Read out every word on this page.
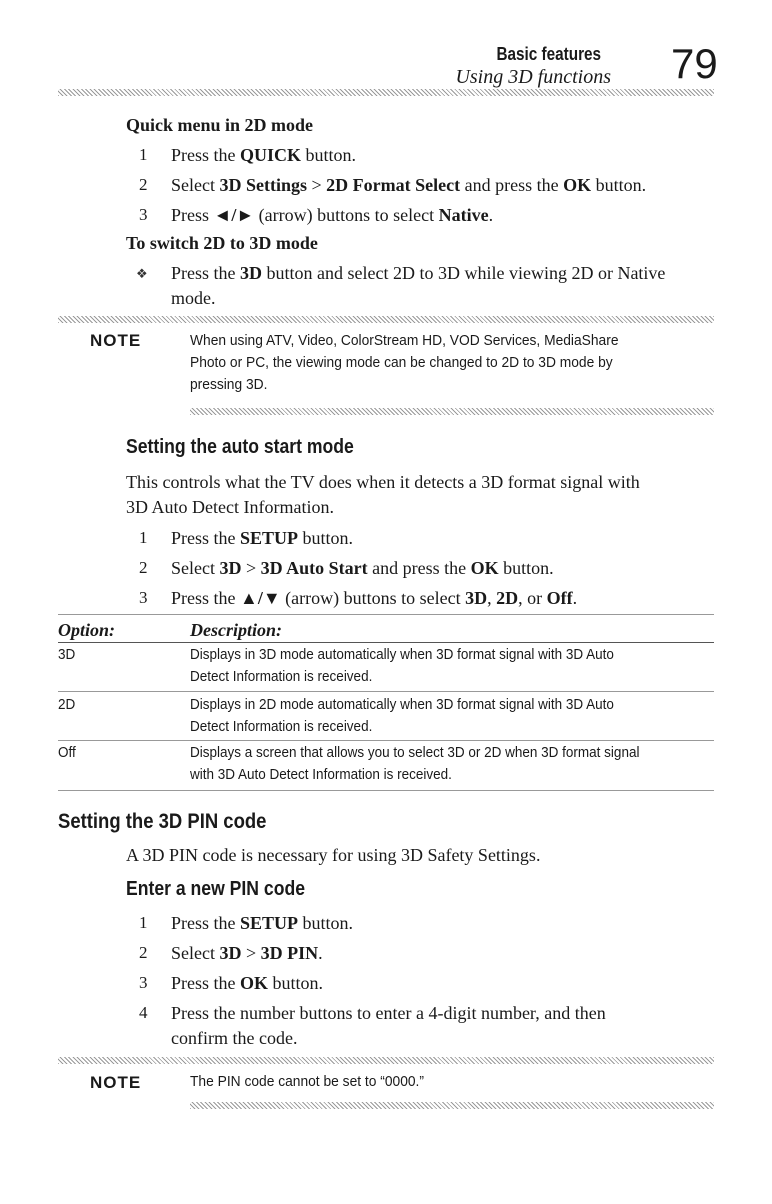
Basic features
Using 3D functions 79
Quick menu in 2D mode
1 Press the QUICK button.
2 Select 3D Settings > 2D Format Select and press the OK button.
3 Press ◄/► (arrow) buttons to select Native.
To switch 2D to 3D mode
❖ Press the 3D button and select 2D to 3D while viewing 2D or Native
mode.
NOTE	When using ATV, Video, ColorStream HD, VOD Services, MediaShare
Photo or PC, the viewing mode can be changed to 2D to 3D mode by
pressing 3D.
Setting the auto start mode
This controls what the TV does when it detects a 3D format signal with
3D Auto Detect Information.
1 Press the SETUP button.
2 Select 3D > 3D Auto Start and press the OK button.
3 Press the ▲/▼ (arrow) buttons to select 3D, 2D, or Off.
Option:	Description:
3D	Displays in 3D mode automatically when 3D format signal with 3D Auto
Detect Information is received.
2D	Displays in 2D mode automatically when 3D format signal with 3D Auto
Detect Information is received.
Off	Displays a screen that allows you to select 3D or 2D when 3D format signal
with 3D Auto Detect Information is received.
Setting the 3D PIN code
A 3D PIN code is necessary for using 3D Safety Settings.
Enter a new PIN code
1 Press the SETUP button.
2 Select 3D > 3D PIN.
3 Press the OK button.
4 Press the number buttons to enter a 4-digit number, and then
confirm the code.
NOTE	The PIN code cannot be set to “0000.”
